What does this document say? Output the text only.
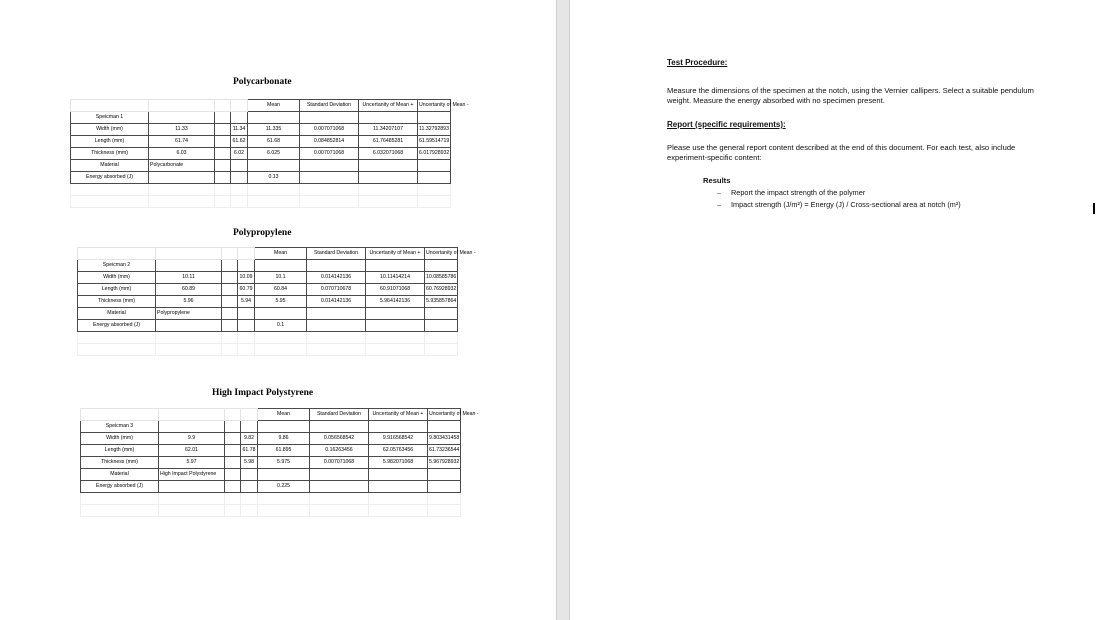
Polycarbonate
				Mean	Standard Deviation	Uncertanity of Mean +	Uncertanity of Mean -
Speicman 1							
Width (mm)	11.33		11.34	11.335	0.007071068	11.34207107	11.32792893
Length (mm)	61.74		61.62	61.68	0.084852814	61.76485281	61.59514719
Thickness (mm)	6.03		6.02	6.025	0.007071068	6.032071068	6.017928932
Material	Polycarbonate						
Energy absorbed (J)				0.13			

Polypropylene
				Mean	Standard Deviation	Uncertanity of Mean +	Uncertanity of Mean -
Speicman 2							
Width (mm)	10.11		10.09	10.1	0.014142136	10.11414214	10.08585786
Length (mm)	60.89		60.79	60.84	0.070710678	60.91071068	60.76928932
Thickness (mm)	5.96		5.94	5.95	0.014142136	5.964142136	5.935857864
Material	Polypropylene						
Energy absorbed (J)				0.1			

High Impact Polystyrene
				Mean	Standard Deviation	Uncertanity of Mean +	Uncertanity of Mean -
Speicman 3							
Width (mm)	9.9		9.82	9.86	0.056568542	9.916568542	9.803431458
Length (mm)	62.01		61.78	61.895	0.16263456	62.05763456	61.73236544
Thickness (mm)	5.97		5.98	5.975	0.007071068	5.982071068	5.967928932
Material	High Impact Polystyrene						
Energy absorbed (J)				0.225			

Test Procedure:
Measure the dimensions of the specimen at the notch, using the Vernier callipers. Select a suitable pendulum weight. Measure the energy absorbed with no specimen present.
Report (specific requirements):
Please use the general report content described at the end of this document. For each test, also include experiment-specific content:
Results
– Report the impact strength of the polymer
– Impact strength (J/m²) = Energy (J) / Cross-sectional area at notch (m²)
